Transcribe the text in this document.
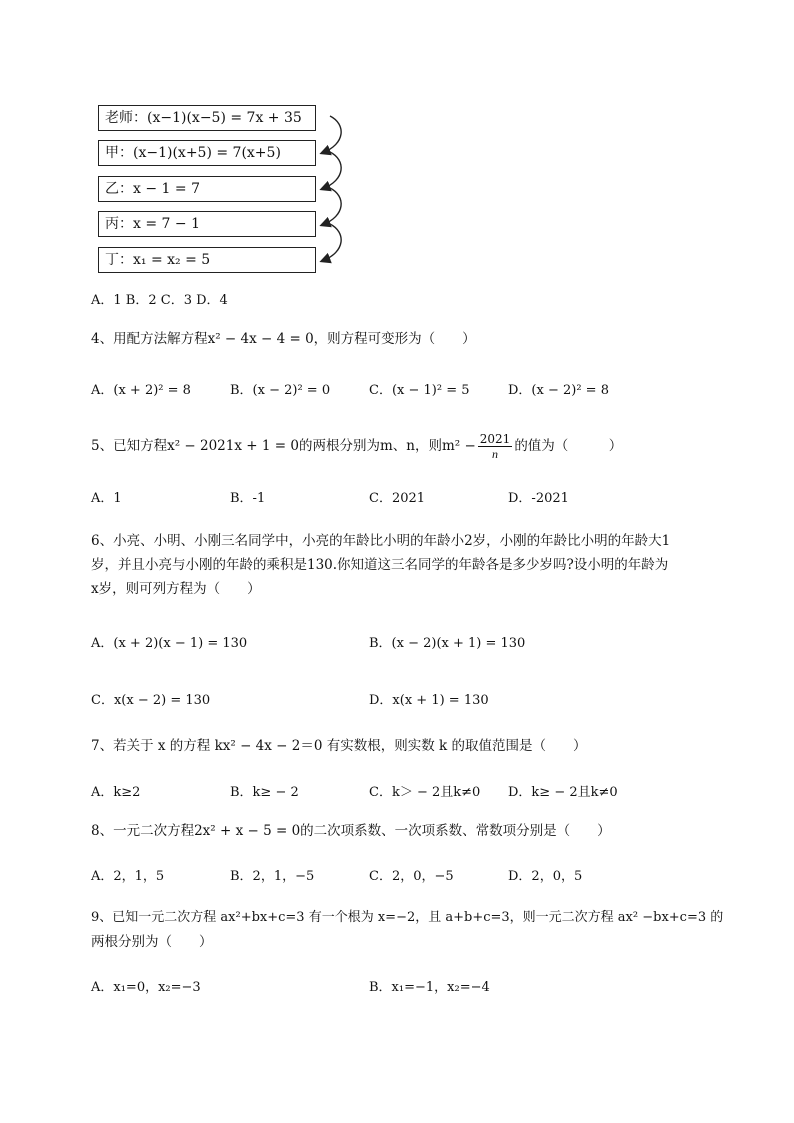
老师：(x−1)(x−5) = 7x + 35
甲：(x−1)(x+5) = 7(x+5)
乙：x − 1 = 7
丙：x = 7 − 1
丁：x₁ = x₂ = 5
A．1 B．2 C．3 D．4
4、用配方法解方程x² − 4x − 4 = 0，则方程可变形为（　　）
A．(x + 2)² = 8	B．(x − 2)² = 0	C．(x − 1)² = 5	D．(x − 2)² = 8
5、已知方程x² − 2021x + 1 = 0的两根分别为m、n，则$m^2 - \frac{2021}{n}$ 的值为（　　　）
A．1	B．-1	C．2021	D．-2021
6、小亮、小明、小刚三名同学中，小亮的年龄比小明的年龄小2岁，小刚的年龄比小明的年龄大1
岁，并且小亮与小刚的年龄的乘积是130.你知道这三名同学的年龄各是多少岁吗?设小明的年龄为
x岁，则可列方程为（　　）
A．(x + 2)(x − 1) = 130	B．(x − 2)(x + 1) = 130
C．x(x − 2) = 130	D．x(x + 1) = 130
7、若关于 x 的方程 kx² − 4x − 2＝0 有实数根，则实数 k 的取值范围是（　　）
A．k≥2	B．k≥ − 2	C．k＞ − 2且k≠0 D．k≥ − 2且k≠0
8、一元二次方程2x² + x − 5 = 0的二次项系数、一次项系数、常数项分别是（　　）
A．2，1，5	B．2，1，−5	C．2，0，−5	D．2，0，5
9、已知一元二次方程 ax²+bx+c=3 有一个根为 x=−2，且 a+b+c=3，则一元二次方程 ax² −bx+c=3 的
两根分别为（　　）
A．x₁=0，x₂=−3	B．x₁=−1，x₂=−4
